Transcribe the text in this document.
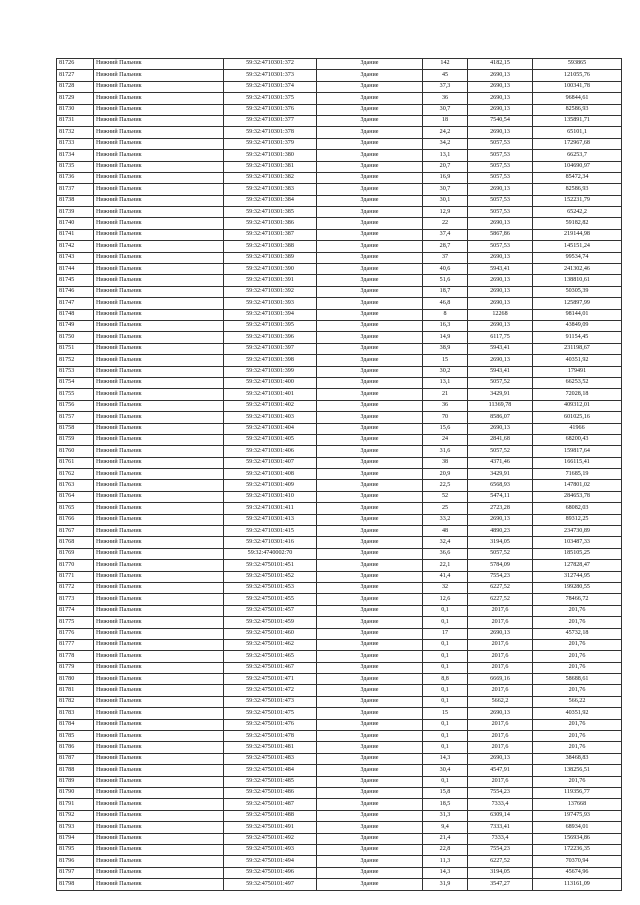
81726	Нижний Пальник	59:32:4710301:372	Здание	142	4182,15	593865
81727	Нижний Пальник	59:32:4710301:373	Здание	45	2690,13	121055,76
81728	Нижний Пальник	59:32:4710301:374	Здание	37,3	2690,13	100341,78
81729	Нижний Пальник	59:32:4710301:375	Здание	36	2690,13	96844,61
81730	Нижний Пальник	59:32:4710301:376	Здание	30,7	2690,13	82586,93
81731	Нижний Пальник	59:32:4710301:377	Здание	18	7540,54	135891,71
81732	Нижний Пальник	59:32:4710301:378	Здание	24,2	2690,13	65101,1
81733	Нижний Пальник	59:32:4710301:379	Здание	34,2	5057,53	172967,68
81734	Нижний Пальник	59:32:4710301:380	Здание	13,1	5057,53	66253,7
81735	Нижний Пальник	59:32:4710301:381	Здание	20,7	5057,53	104690,97
81736	Нижний Пальник	59:32:4710301:382	Здание	16,9	5057,53	85472,34
81737	Нижний Пальник	59:32:4710301:383	Здание	30,7	2690,13	82586,93
81738	Нижний Пальник	59:32:4710301:384	Здание	30,1	5057,53	152231,79
81739	Нижний Пальник	59:32:4710301:385	Здание	12,9	5057,53	65242,2
81740	Нижний Пальник	59:32:4710301:386	Здание	22	2690,13	59182,82
81741	Нижний Пальник	59:32:4710301:387	Здание	37,4	5867,86	219144,98
81742	Нижний Пальник	59:32:4710301:388	Здание	28,7	5057,53	145151,24
81743	Нижний Пальник	59:32:4710301:389	Здание	37	2690,13	99534,74
81744	Нижний Пальник	59:32:4710301:390	Здание	40,6	5943,41	241302,46
81745	Нижний Пальник	59:32:4710301:391	Здание	51,6	2690,13	138810,61
81746	Нижний Пальник	59:32:4710301:392	Здание	18,7	2690,13	50305,39
81747	Нижний Пальник	59:32:4710301:393	Здание	46,8	2690,13	125897,99
81748	Нижний Пальник	59:32:4710301:394	Здание	8	12268	98144,01
81749	Нижний Пальник	59:32:4710301:395	Здание	16,3	2690,13	43849,09
81750	Нижний Пальник	59:32:4710301:396	Здание	14,9	6117,75	91154,45
81751	Нижний Пальник	59:32:4710301:397	Здание	38,9	5943,41	231198,67
81752	Нижний Пальник	59:32:4710301:398	Здание	15	2690,13	40351,92
81753	Нижний Пальник	59:32:4710301:399	Здание	30,2	5943,41	179491
81754	Нижний Пальник	59:32:4710301:400	Здание	13,1	5057,52	66253,52
81755	Нижний Пальник	59:32:4710301:401	Здание	21	3429,91	72028,18
81756	Нижний Пальник	59:32:4710301:402	Здание	36	11369,78	409312,01
81757	Нижний Пальник	59:32:4710301:403	Здание	70	8586,07	601025,16
81758	Нижний Пальник	59:32:4710301:404	Здание	15,6	2690,13	41966
81759	Нижний Пальник	59:32:4710301:405	Здание	24	2841,68	68200,43
81760	Нижний Пальник	59:32:4710301:406	Здание	31,6	5057,52	159817,64
81761	Нижний Пальник	59:32:4710301:407	Здание	38	4371,46	166115,41
81762	Нижний Пальник	59:32:4710301:408	Здание	20,9	3429,91	71685,19
81763	Нижний Пальник	59:32:4710301:409	Здание	22,5	6568,93	147801,02
81764	Нижний Пальник	59:32:4710301:410	Здание	52	5474,11	284653,78
81765	Нижний Пальник	59:32:4710301:411	Здание	25	2723,28	68082,03
81766	Нижний Пальник	59:32:4710301:413	Здание	33,2	2690,13	89312,25
81767	Нижний Пальник	59:32:4710301:415	Здание	48	4890,23	234730,89
81768	Нижний Пальник	59:32:4710301:416	Здание	32,4	3194,05	103487,33
81769	Нижний Пальник	59:32:4740002:70	Здание	36,6	5057,52	185105,25
81770	Нижний Пальник	59:32:4750101:451	Здание	22,1	5784,09	127828,47
81771	Нижний Пальник	59:32:4750101:452	Здание	41,4	7554,23	312744,95
81772	Нижний Пальник	59:32:4750101:453	Здание	32	6227,52	199280,55
81773	Нижний Пальник	59:32:4750101:455	Здание	12,6	6227,52	78466,72
81774	Нижний Пальник	59:32:4750101:457	Здание	0,1	2017,6	201,76
81775	Нижний Пальник	59:32:4750101:459	Здание	0,1	2017,6	201,76
81776	Нижний Пальник	59:32:4750101:460	Здание	17	2690,13	45732,18
81777	Нижний Пальник	59:32:4750101:462	Здание	0,1	2017,6	201,76
81778	Нижний Пальник	59:32:4750101:465	Здание	0,1	2017,6	201,76
81779	Нижний Пальник	59:32:4750101:467	Здание	0,1	2017,6	201,76
81780	Нижний Пальник	59:32:4750101:471	Здание	8,8	6669,16	58688,61
81781	Нижний Пальник	59:32:4750101:472	Здание	0,1	2017,6	201,76
81782	Нижний Пальник	59:32:4750101:473	Здание	0,1	5662,2	566,22
81783	Нижний Пальник	59:32:4750101:475	Здание	15	2690,13	40351,92
81784	Нижний Пальник	59:32:4750101:476	Здание	0,1	2017,6	201,76
81785	Нижний Пальник	59:32:4750101:478	Здание	0,1	2017,6	201,76
81786	Нижний Пальник	59:32:4750101:481	Здание	0,1	2017,6	201,76
81787	Нижний Пальник	59:32:4750101:483	Здание	14,3	2690,13	38468,83
81788	Нижний Пальник	59:32:4750101:484	Здание	30,4	4547,91	138256,51
81789	Нижний Пальник	59:32:4750101:485	Здание	0,1	2017,6	201,76
81790	Нижний Пальник	59:32:4750101:486	Здание	15,8	7554,23	119356,77
81791	Нижний Пальник	59:32:4750101:487	Здание	18,5	7333,4	137668
81792	Нижний Пальник	59:32:4750101:488	Здание	31,3	6309,14	197475,93
81793	Нижний Пальник	59:32:4750101:491	Здание	9,4	7333,41	68934,01
81794	Нижний Пальник	59:32:4750101:492	Здание	21,4	7333,4	156934,86
81795	Нижний Пальник	59:32:4750101:493	Здание	22,8	7554,23	172236,35
81796	Нижний Пальник	59:32:4750101:494	Здание	11,3	6227,52	70370,94
81797	Нижний Пальник	59:32:4750101:496	Здание	14,3	3194,05	45674,96
81798	Нижний Пальник	59:32:4750101:497	Здание	31,9	3547,27	113161,09
